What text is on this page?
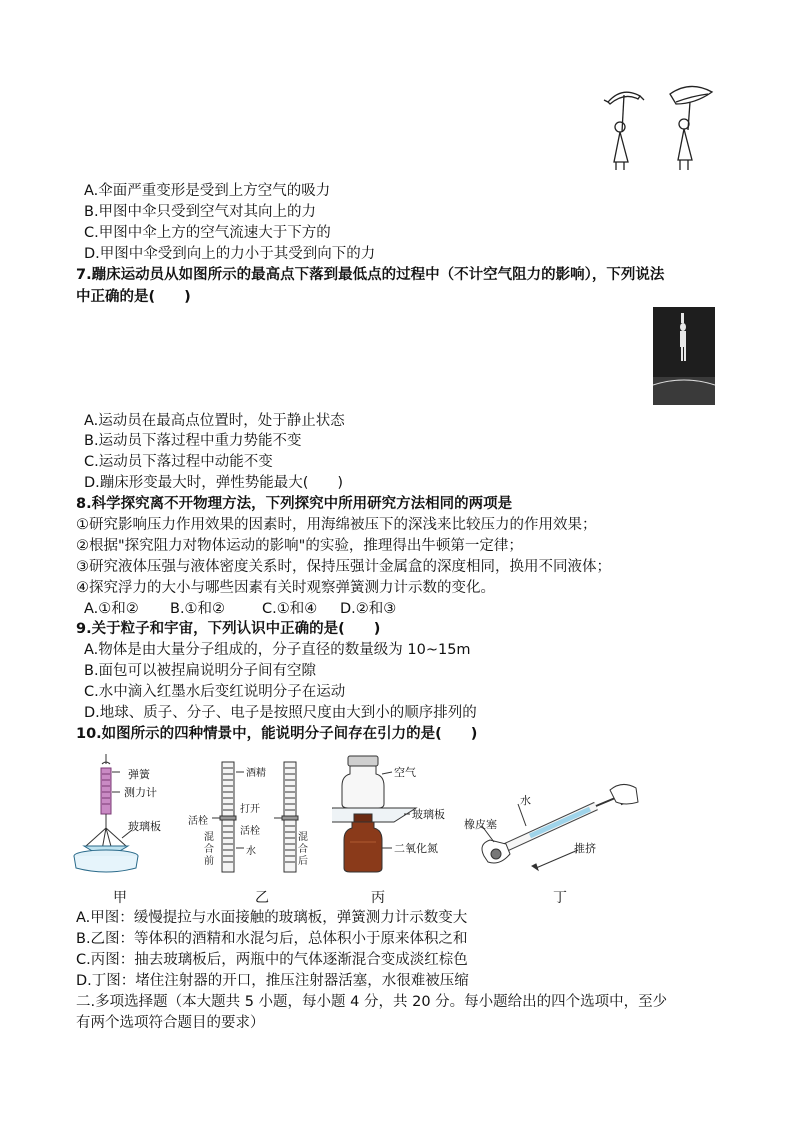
A.伞面严重变形是受到上方空气的吸力
B.甲图中伞只受到空气对其向上的力
C.甲图中伞上方的空气流速大于下方的
D.甲图中伞受到向上的力小于其受到向下的力
7.蹦床运动员从如图所示的最高点下落到最低点的过程中（不计空气阻力的影响），下列说法
中正确的是(　　)
A.运动员在最高点位置时，处于静止状态
B.运动员下落过程中重力势能不变
C.运动员下落过程中动能不变
D.蹦床形变最大时，弹性势能最大(　　)
8.科学探究离不开物理方法，下列探究中所用研究方法相同的两项是
①研究影响压力作用效果的因素时，用海绵被压下的深浅来比较压力的作用效果；
②根据"探究阻力对物体运动的影响"的实验，推理得出牛顿第一定律；
③研究液体压强与液体密度关系时，保持压强计金属盒的深度相同，换用不同液体；
④探究浮力的大小与哪些因素有关时观察弹簧测力计示数的变化。
A.①和② B.①和②	C.①和④ D.②和③
9.关于粒子和宇宙，下列认识中正确的是(　　)
A.物体是由大量分子组成的，分子直径的数量级为 10~15m
B.面包可以被捏扁说明分子间有空隙
C.水中滴入红墨水后变红说明分子在运动
D.地球、质子、分子、电子是按照尺度由大到小的顺序排列的
10.如图所示的四种情景中，能说明分子间存在引力的是(　　)
弹簧
测力计
玻璃板
酒精
打开
活栓
活栓
混合前
水
混合后
空气
玻璃板
二氧化氮
水
橡皮塞
推挤
甲	乙	丙	丁
A.甲图：缓慢提拉与水面接触的玻璃板，弹簧测力计示数变大
B.乙图：等体积的酒精和水混匀后，总体积小于原来体积之和
C.丙图：抽去玻璃板后，两瓶中的气体逐渐混合变成淡红棕色
D.丁图：堵住注射器的开口，推压注射器活塞，水很难被压缩
二.多项选择题（本大题共 5 小题，每小题 4 分，共 20 分。每小题给出的四个选项中，至少
有两个选项符合题目的要求）
